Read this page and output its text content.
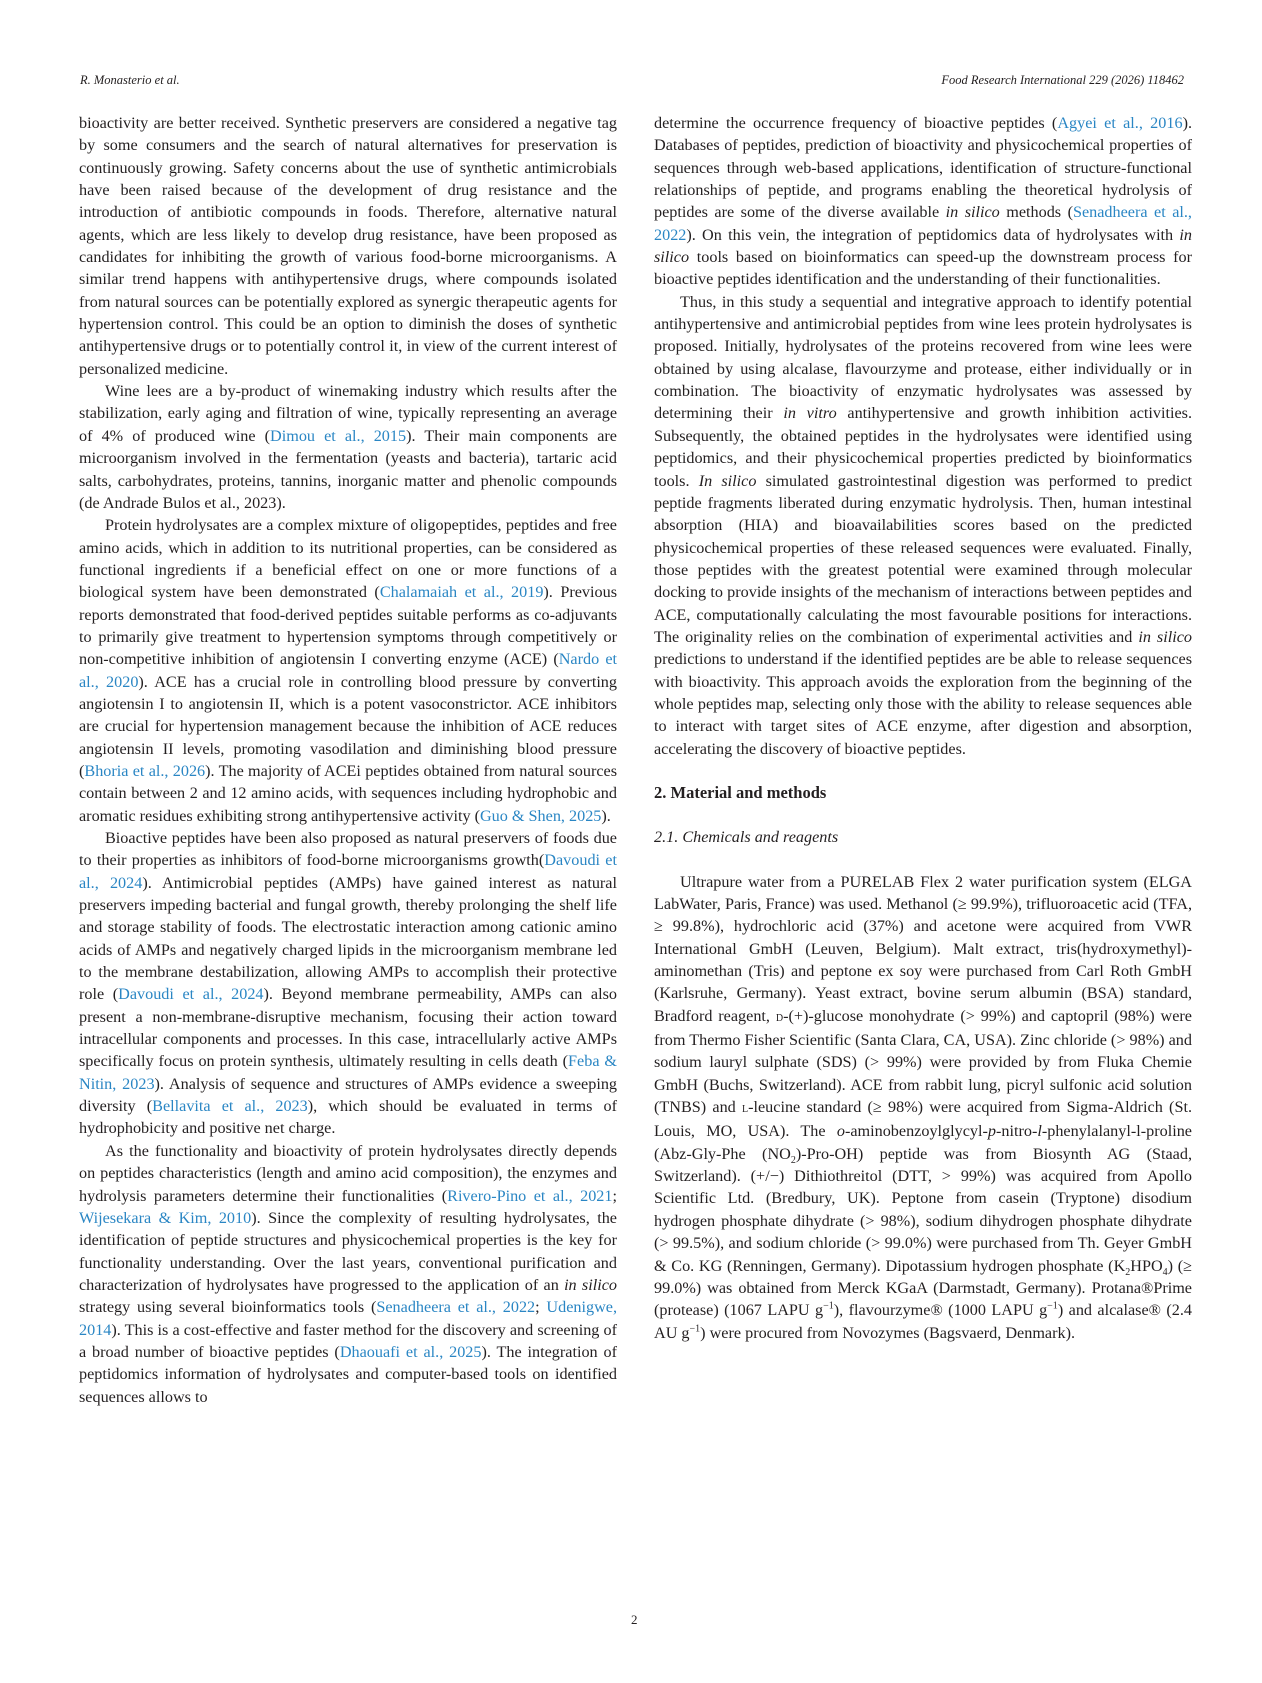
R. Monasterio et al.	Food Research International 229 (2026) 118462

bioactivity are better received. Synthetic preservers are considered a negative tag by some consumers and the search of natural alternatives for preservation is continuously growing. Safety concerns about the use of synthetic antimicrobials have been raised because of the development of drug resistance and the introduction of antibiotic compounds in foods. Therefore, alternative natural agents, which are less likely to develop drug resistance, have been proposed as candidates for inhibiting the growth of various food-borne microorganisms. A similar trend happens with antihypertensive drugs, where compounds isolated from natural sources can be potentially explored as synergic therapeutic agents for hypertension control. This could be an option to diminish the doses of synthetic antihypertensive drugs or to potentially control it, in view of the current interest of personalized medicine.

Wine lees are a by-product of winemaking industry which results after the stabilization, early aging and filtration of wine, typically representing an average of 4% of produced wine (Dimou et al., 2015). Their main components are microorganism involved in the fermentation (yeasts and bacteria), tartaric acid salts, carbohydrates, proteins, tannins, inorganic matter and phenolic compounds (de Andrade Bulos et al., 2023).

Protein hydrolysates are a complex mixture of oligopeptides, peptides and free amino acids, which in addition to its nutritional properties, can be considered as functional ingredients if a beneficial effect on one or more functions of a biological system have been demonstrated (Chalamaiah et al., 2019). Previous reports demonstrated that food-derived peptides suitable performs as co-adjuvants to primarily give treatment to hypertension symptoms through competitively or non-competitive inhibition of angiotensin I converting enzyme (ACE) (Nardo et al., 2020). ACE has a crucial role in controlling blood pressure by converting angiotensin I to angiotensin II, which is a potent vasoconstrictor. ACE inhibitors are crucial for hypertension management because the inhibition of ACE reduces angiotensin II levels, promoting vasodilation and diminishing blood pressure (Bhoria et al., 2026). The majority of ACEi peptides obtained from natural sources contain between 2 and 12 amino acids, with sequences including hydrophobic and aromatic residues exhibiting strong antihypertensive activity (Guo & Shen, 2025).

Bioactive peptides have been also proposed as natural preservers of foods due to their properties as inhibitors of food-borne microorganisms growth(Davoudi et al., 2024). Antimicrobial peptides (AMPs) have gained interest as natural preservers impeding bacterial and fungal growth, thereby prolonging the shelf life and storage stability of foods. The electrostatic interaction among cationic amino acids of AMPs and negatively charged lipids in the microorganism membrane led to the membrane destabilization, allowing AMPs to accomplish their protective role (Davoudi et al., 2024). Beyond membrane permeability, AMPs can also present a non-membrane-disruptive mechanism, focusing their action toward intracellular components and processes. In this case, intracellularly active AMPs specifically focus on protein synthesis, ultimately resulting in cells death (Feba & Nitin, 2023). Analysis of sequence and structures of AMPs evidence a sweeping diversity (Bellavita et al., 2023), which should be evaluated in terms of hydrophobicity and positive net charge.

As the functionality and bioactivity of protein hydrolysates directly depends on peptides characteristics (length and amino acid composition), the enzymes and hydrolysis parameters determine their functionalities (Rivero-Pino et al., 2021; Wijesekara & Kim, 2010). Since the complexity of resulting hydrolysates, the identification of peptide structures and physicochemical properties is the key for functionality understanding. Over the last years, conventional purification and characterization of hydrolysates have progressed to the application of an in silico strategy using several bioinformatics tools (Senadheera et al., 2022; Udenigwe, 2014). This is a cost-effective and faster method for the discovery and screening of a broad number of bioactive peptides (Dhaouafi et al., 2025). The integration of peptidomics information of hydrolysates and computer-based tools on identified sequences allows to

determine the occurrence frequency of bioactive peptides (Agyei et al., 2016). Databases of peptides, prediction of bioactivity and physicochemical properties of sequences through web-based applications, identification of structure-functional relationships of peptide, and programs enabling the theoretical hydrolysis of peptides are some of the diverse available in silico methods (Senadheera et al., 2022). On this vein, the integration of peptidomics data of hydrolysates with in silico tools based on bioinformatics can speed-up the downstream process for bioactive peptides identification and the understanding of their functionalities.

Thus, in this study a sequential and integrative approach to identify potential antihypertensive and antimicrobial peptides from wine lees protein hydrolysates is proposed. Initially, hydrolysates of the proteins recovered from wine lees were obtained by using alcalase, flavourzyme and protease, either individually or in combination. The bioactivity of enzymatic hydrolysates was assessed by determining their in vitro antihypertensive and growth inhibition activities. Subsequently, the obtained peptides in the hydrolysates were identified using peptidomics, and their physicochemical properties predicted by bioinformatics tools. In silico simulated gastrointestinal digestion was performed to predict peptide fragments liberated during enzymatic hydrolysis. Then, human intestinal absorption (HIA) and bioavailabilities scores based on the predicted physicochemical properties of these released sequences were evaluated. Finally, those peptides with the greatest potential were examined through molecular docking to provide insights of the mechanism of interactions between peptides and ACE, computationally calculating the most favourable positions for interactions. The originality relies on the combination of experimental activities and in silico predictions to understand if the identified peptides are be able to release sequences with bioactivity. This approach avoids the exploration from the beginning of the whole peptides map, selecting only those with the ability to release sequences able to interact with target sites of ACE enzyme, after digestion and absorption, accelerating the discovery of bioactive peptides.

2. Material and methods

2.1. Chemicals and reagents

Ultrapure water from a PURELAB Flex 2 water purification system (ELGA LabWater, Paris, France) was used. Methanol (≥ 99.9%), trifluoroacetic acid (TFA, ≥ 99.8%), hydrochloric acid (37%) and acetone were acquired from VWR International GmbH (Leuven, Belgium). Malt extract, tris(hydroxymethyl)-aminomethan (Tris) and peptone ex soy were purchased from Carl Roth GmbH (Karlsruhe, Germany). Yeast extract, bovine serum albumin (BSA) standard, Bradford reagent, d-(+)-glucose monohydrate (> 99%) and captopril (98%) were from Thermo Fisher Scientific (Santa Clara, CA, USA). Zinc chloride (> 98%) and sodium lauryl sulphate (SDS) (> 99%) were provided by from Fluka Chemie GmbH (Buchs, Switzerland). ACE from rabbit lung, picryl sulfonic acid solution (TNBS) and l-leucine standard (≥ 98%) were acquired from Sigma-Aldrich (St. Louis, MO, USA). The o-aminobenzoylglycyl-p-nitro-l-phenylalanyl-l-proline (Abz-Gly-Phe $(NO_2)-Pro-OH$) peptide was from Biosynth AG (Staad, Switzerland). (+/−) Dithiothreitol (DTT, > 99%) was acquired from Apollo Scientific Ltd. (Bredbury, UK). Peptone from casein (Tryptone) disodium hydrogen phosphate dihydrate (> 98%), sodium dihydrogen phosphate dihydrate (> 99.5%), and sodium chloride (> 99.0%) were purchased from Th. Geyer GmbH & Co. KG (Renningen, Germany). Dipotassium hydrogen phosphate $(K_2HPO_4)$ (≥ 99.0%) was obtained from Merck KGaA (Darmstadt, Germany). Protana®Prime (protease) (1067 LAPU $g^{-1}$), flavourzyme® (1000 LAPU $g^{-1}$) and alcalase® (2.4 AU $g^{-1}$) were procured from Novozymes (Bagsvaerd, Denmark).

2
